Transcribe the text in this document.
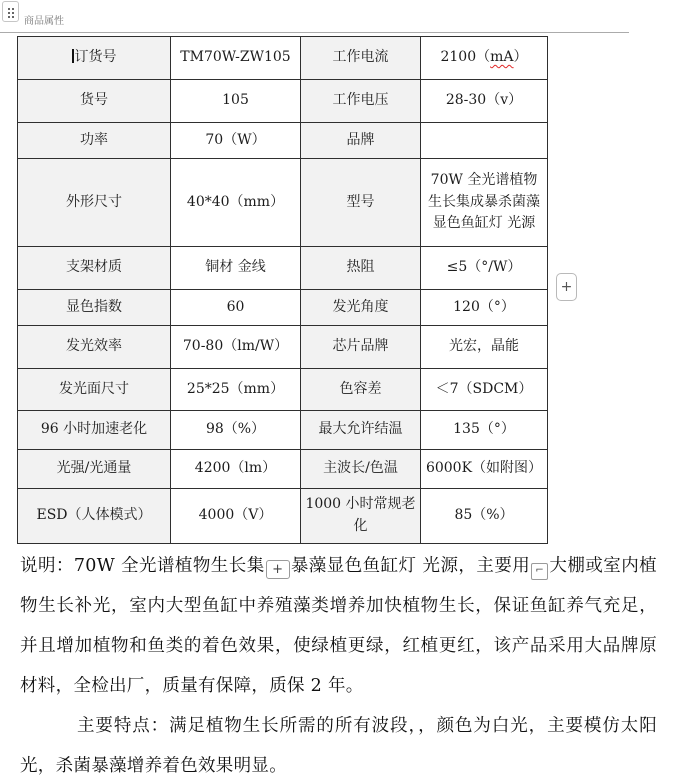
商品属性
订货号	TM70W-ZW105	工作电流	2100（mA）
货号	105	工作电压	28-30（v）
功率	70（W）	品牌	
外形尺寸	40*40（mm）	型号	70W 全光谱植物生长集成暴杀菌藻显色鱼缸灯 光源
支架材质	铜材 金线	热阻	≤5（°/W）
显色指数	60	发光角度	120（°）
发光效率	70-80（lm/W）	芯片品牌	光宏，晶能
发光面尺寸	25*25（mm）	色容差	＜7（SDCM）
96 小时加速老化	98（%）	最大允许结温	135（°）
光强/光通量	4200（lm）	主波长/色温	6000K（如附图）
ESD（人体模式）	4000（V）	1000 小时常规老化	85（%）
+

说明：70W 全光谱植物生长集 + 暴藻显色鱼缸灯 光源，主要用 ⌐ 大棚或室内植物生长补光，室内大型鱼缸中养殖藻类增养加快植物生长，保证鱼缸养气充足，并且增加植物和鱼类的着色效果，使绿植更绿，红植更红，该产品采用大品牌原材料，全检出厂，质量有保障，质保 2 年。

主要特点：满足植物生长所需的所有波段，，颜色为白光，主要模仿太阳光，杀菌暴藻增养着色效果明显。
